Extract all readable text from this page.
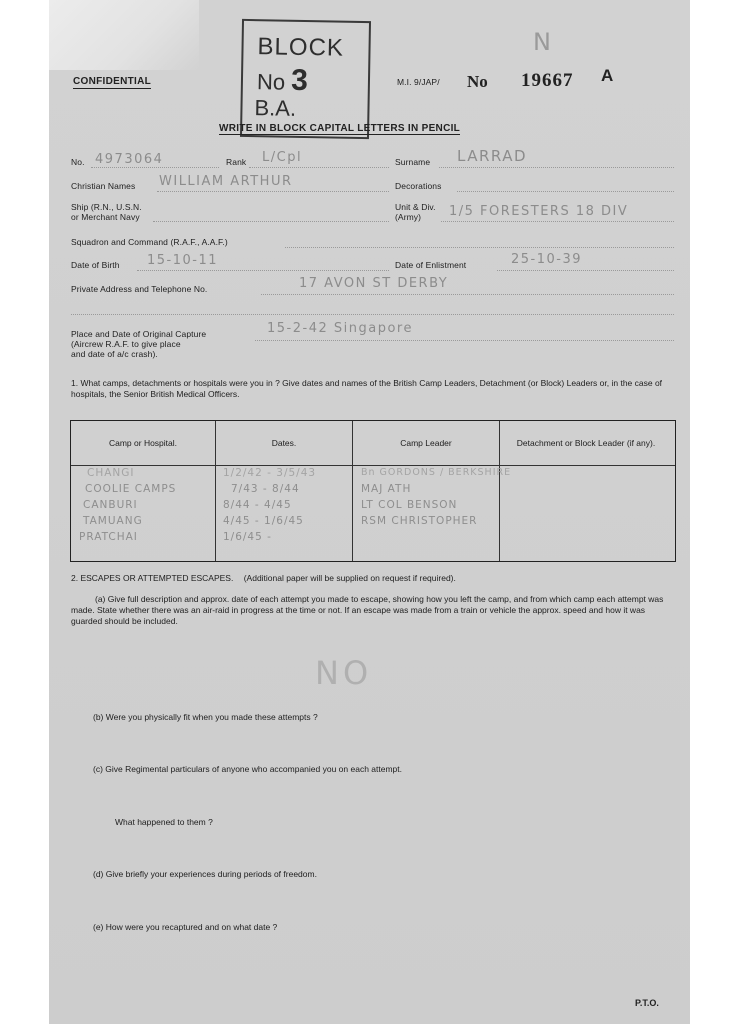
CONFIDENTIAL
BLOCK
No 3
B.A.
M.I. 9/JAP/ No 19667 A
N
WRITE IN BLOCK CAPITAL LETTERS IN PENCIL
No. 4973064	Rank L/Cpl	Surname LARRAD
Christian Names WILLIAM ARTHUR	Decorations
Ship (R.N., U.S.N.
or Merchant Navy
Unit & Div.
(Army) 1/5 FORESTERS 18 DIV
Squadron and Command (R.A.F., A.A.F.)
Date of Birth 15-10-11	Date of Enlistment	25-10-39
Private Address and Telephone No.	17 AVON ST DERBY
Place and Date of Original Capture
(Aircrew R.A.F. to give place
and date of a/c crash).
15-2-42 Singapore
1. What camps, detachments or hospitals were you in ? Give dates and names of the British Camp Leaders, Detachment (or Block) Leaders or, in the case of hospitals, the Senior British Medical Officers.
Camp or Hospital.	Dates.	Camp Leader	Detachment or Block Leader (if any).
CHANGI	1/2/42 - 3/5/43	Bn GORDONS / BERKSHIRE
COOLIE CAMPS	7/43 - 8/44	MAJ ATH
CANBURI	8/44 - 4/45	LT COL BENSON
TAMUANG	4/45 - 1/6/45	RSM CHRISTOPHER
PRATCHAI	1/6/45 -
2. ESCAPES OR ATTEMPTED ESCAPES. (Additional paper will be supplied on request if required).
(a) Give full description and approx. date of each attempt you made to escape, showing how you left the camp, and from which camp each attempt was made. State whether there was an air-raid in progress at the time or not. If an escape was made from a train or vehicle the approx. speed and how it was guarded should be included.
NO
(b) Were you physically fit when you made these attempts ?
(c) Give Regimental particulars of anyone who accompanied you on each attempt.
What happened to them ?
(d) Give briefly your experiences during periods of freedom.
(e) How were you recaptured and on what date ?
P.T.O.
